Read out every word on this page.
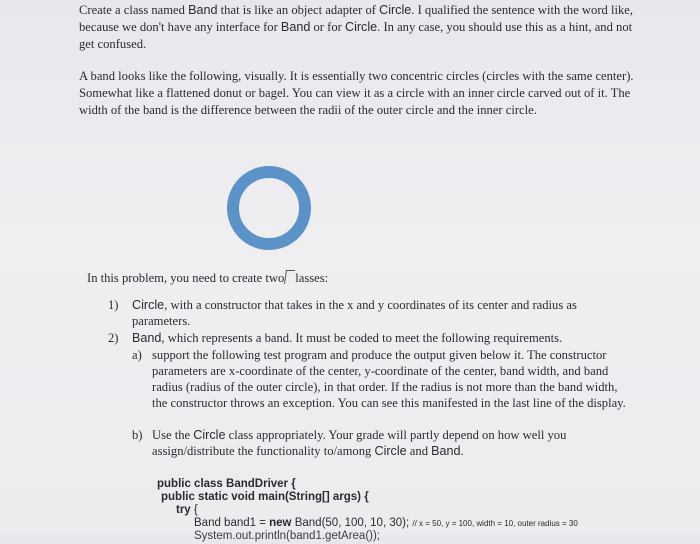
Create a class named Band that is like an object adapter of Circle. I qualified the sentence with the word like, because we don't have any interface for Band or for Circle. In any case, you should use this as a hint, and not get confused.

A band looks like the following, visually. It is essentially two concentric circles (circles with the same center). Somewhat like a flattened donut or bagel. You can view it as a circle with an inner circle carved out of it. The width of the band is the difference between the radii of the outer circle and the inner circle.

In this problem, you need to create two lasses:
1) Circle, with a constructor that takes in the x and y coordinates of its center and radius as parameters.
2) Band, which represents a band. It must be coded to meet the following requirements.
a) support the following test program and produce the output given below it. The constructor parameters are x-coordinate of the center, y-coordinate of the center, band width, and band radius (radius of the outer circle), in that order. If the radius is not more than the band width, the constructor throws an exception. You can see this manifested in the last line of the display.
b) Use the Circle class appropriately. Your grade will partly depend on how well you assign/distribute the functionality to/among Circle and Band.
public class BandDriver {
public static void main(String[] args) {
try {
Band band1 = new Band(50, 100, 10, 30); // x = 50, y = 100, width = 10, outer radius = 30
System.out.println(band1.getArea());
